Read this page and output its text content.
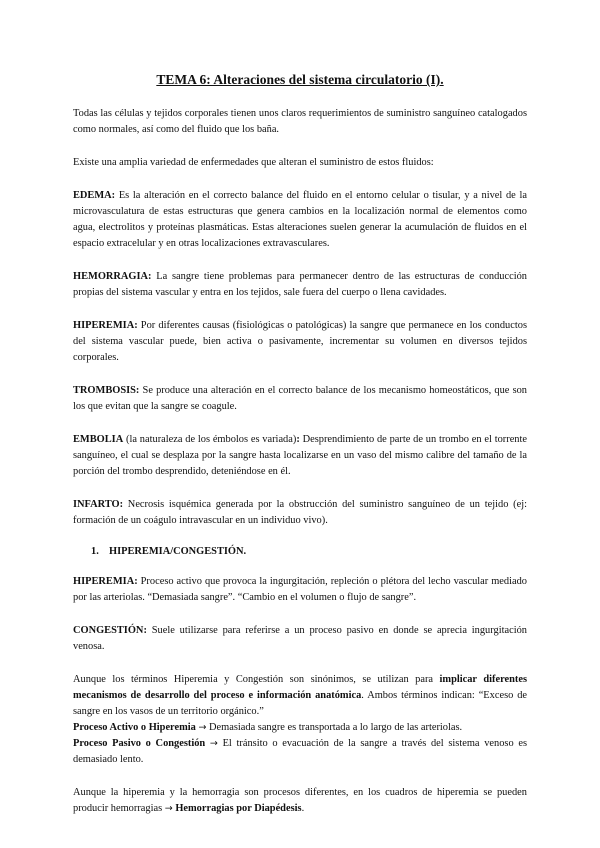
TEMA 6: Alteraciones del sistema circulatorio (I).

Todas las células y tejidos corporales tienen unos claros requerimientos de suministro sanguíneo catalogados como normales, así como del fluido que los baña.

Existe una amplia variedad de enfermedades que alteran el suministro de estos fluidos:

EDEMA: Es la alteración en el correcto balance del fluido en el entorno celular o tisular, y a nivel de la microvasculatura de estas estructuras que genera cambios en la localización normal de elementos como agua, electrolitos y proteínas plasmáticas. Estas alteraciones suelen generar la acumulación de fluidos en el espacio extracelular y en otras localizaciones extravasculares.

HEMORRAGIA: La sangre tiene problemas para permanecer dentro de las estructuras de conducción propias del sistema vascular y entra en los tejidos, sale fuera del cuerpo o llena cavidades.

HIPEREMIA: Por diferentes causas (fisiológicas o patológicas) la sangre que permanece en los conductos del sistema vascular puede, bien activa o pasivamente, incrementar su volumen en diversos tejidos corporales.

TROMBOSIS: Se produce una alteración en el correcto balance de los mecanismo homeostáticos, que son los que evitan que la sangre se coagule.

EMBOLIA (la naturaleza de los émbolos es variada): Desprendimiento de parte de un trombo en el torrente sanguíneo, el cual se desplaza por la sangre hasta localizarse en un vaso del mismo calibre del tamaño de la porción del trombo desprendido, deteniéndose en él.

INFARTO: Necrosis isquémica generada por la obstrucción del suministro sanguíneo de un tejido (ej: formación de un coágulo intravascular en un individuo vivo).

1. HIPEREMIA/CONGESTIÓN.

HIPEREMIA: Proceso activo que provoca la ingurgitación, repleción o plétora del lecho vascular mediado por las arteriolas. “Demasiada sangre”. “Cambio en el volumen o flujo de sangre”.

CONGESTIÓN: Suele utilizarse para referirse a un proceso pasivo en donde se aprecia ingurgitación venosa.

Aunque los términos Hiperemia y Congestión son sinónimos, se utilizan para implicar diferentes mecanismos de desarrollo del proceso e información anatómica. Ambos términos indican: “Exceso de sangre en los vasos de un territorio orgánico.”

Proceso Activo o Hiperemia → Demasiada sangre es transportada a lo largo de las arteriolas.

Proceso Pasivo o Congestión → El tránsito o evacuación de la sangre a través del sistema venoso es demasiado lento.

Aunque la hiperemia y la hemorragia son procesos diferentes, en los cuadros de hiperemia se pueden producir hemorragias → Hemorragias por Diapédesis.
